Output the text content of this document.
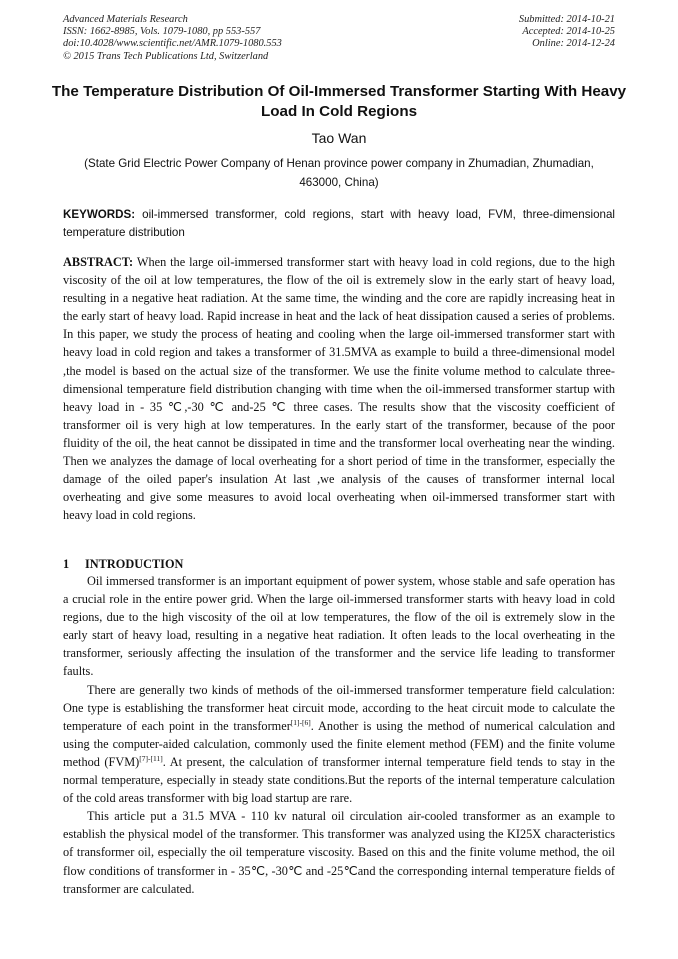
Advanced Materials Research
ISSN: 1662-8985, Vols. 1079-1080, pp 553-557
doi:10.4028/www.scientific.net/AMR.1079-1080.553
© 2015 Trans Tech Publications Ltd, Switzerland
Submitted: 2014-10-21
Accepted: 2014-10-25
Online: 2014-12-24
The Temperature Distribution Of Oil-Immersed Transformer Starting With Heavy Load In Cold Regions
Tao Wan
(State Grid Electric Power Company of Henan province power company in Zhumadian, Zhumadian, 463000, China)
KEYWORDS: oil-immersed transformer, cold regions, start with heavy load, FVM, three-dimensional temperature distribution
ABSTRACT: When the large oil-immersed transformer start with heavy load in cold regions, due to the high viscosity of the oil at low temperatures, the flow of the oil is extremely slow in the early start of heavy load, resulting in a negative heat radiation. At the same time, the winding and the core are rapidly increasing heat in the early start of heavy load. Rapid increase in heat and the lack of heat dissipation caused a series of problems. In this paper, we study the process of heating and cooling when the large oil-immersed transformer start with heavy load in cold region and takes a transformer of 31.5MVA as example to build a three-dimensional model ,the model is based on the actual size of the transformer. We use the finite volume method to calculate three-dimensional temperature field distribution changing with time when the oil-immersed transformer startup with heavy load in - 35 ℃,-30 ℃ and-25 ℃ three cases. The results show that the viscosity coefficient of transformer oil is very high at low temperatures. In the early start of the transformer, because of the poor fluidity of the oil, the heat cannot be dissipated in time and the transformer local overheating near the winding. Then we analyzes the damage of local overheating for a short period of time in the transformer, especially the damage of the oiled paper's insulation At last ,we analysis of the causes of transformer internal local overheating and give some measures to avoid local overheating when oil-immersed transformer start with heavy load in cold regions.
1 INTRODUCTION

Oil immersed transformer is an important equipment of power system, whose stable and safe operation has a crucial role in the entire power grid. When the large oil-immersed transformer starts with heavy load in cold regions, due to the high viscosity of the oil at low temperatures, the flow of the oil is extremely slow in the early start of heavy load, resulting in a negative heat radiation. It often leads to the local overheating in the transformer, seriously affecting the insulation of the transformer and the service life leading to transformer faults.

There are generally two kinds of methods of the oil-immersed transformer temperature field calculation: One type is establishing the transformer heat circuit mode, according to the heat circuit mode to calculate the temperature of each point in the transformer[1]-[6]. Another is using the method of numerical calculation and using the computer-aided calculation, commonly used the finite element method (FEM) and the finite volume method (FVM)[7]-[11]. At present, the calculation of transformer internal temperature field tends to stay in the normal temperature, especially in steady state conditions.But the reports of the internal temperature calculation of the cold areas transformer with big load startup are rare.

This article put a 31.5 MVA - 110 kv natural oil circulation air-cooled transformer as an example to establish the physical model of the transformer. This transformer was analyzed using the KI25X characteristics of transformer oil, especially the oil temperature viscosity. Based on this and the finite volume method, the oil flow conditions of transformer in - 35℃, -30℃ and -25℃and the corresponding internal temperature fields of transformer are calculated.
